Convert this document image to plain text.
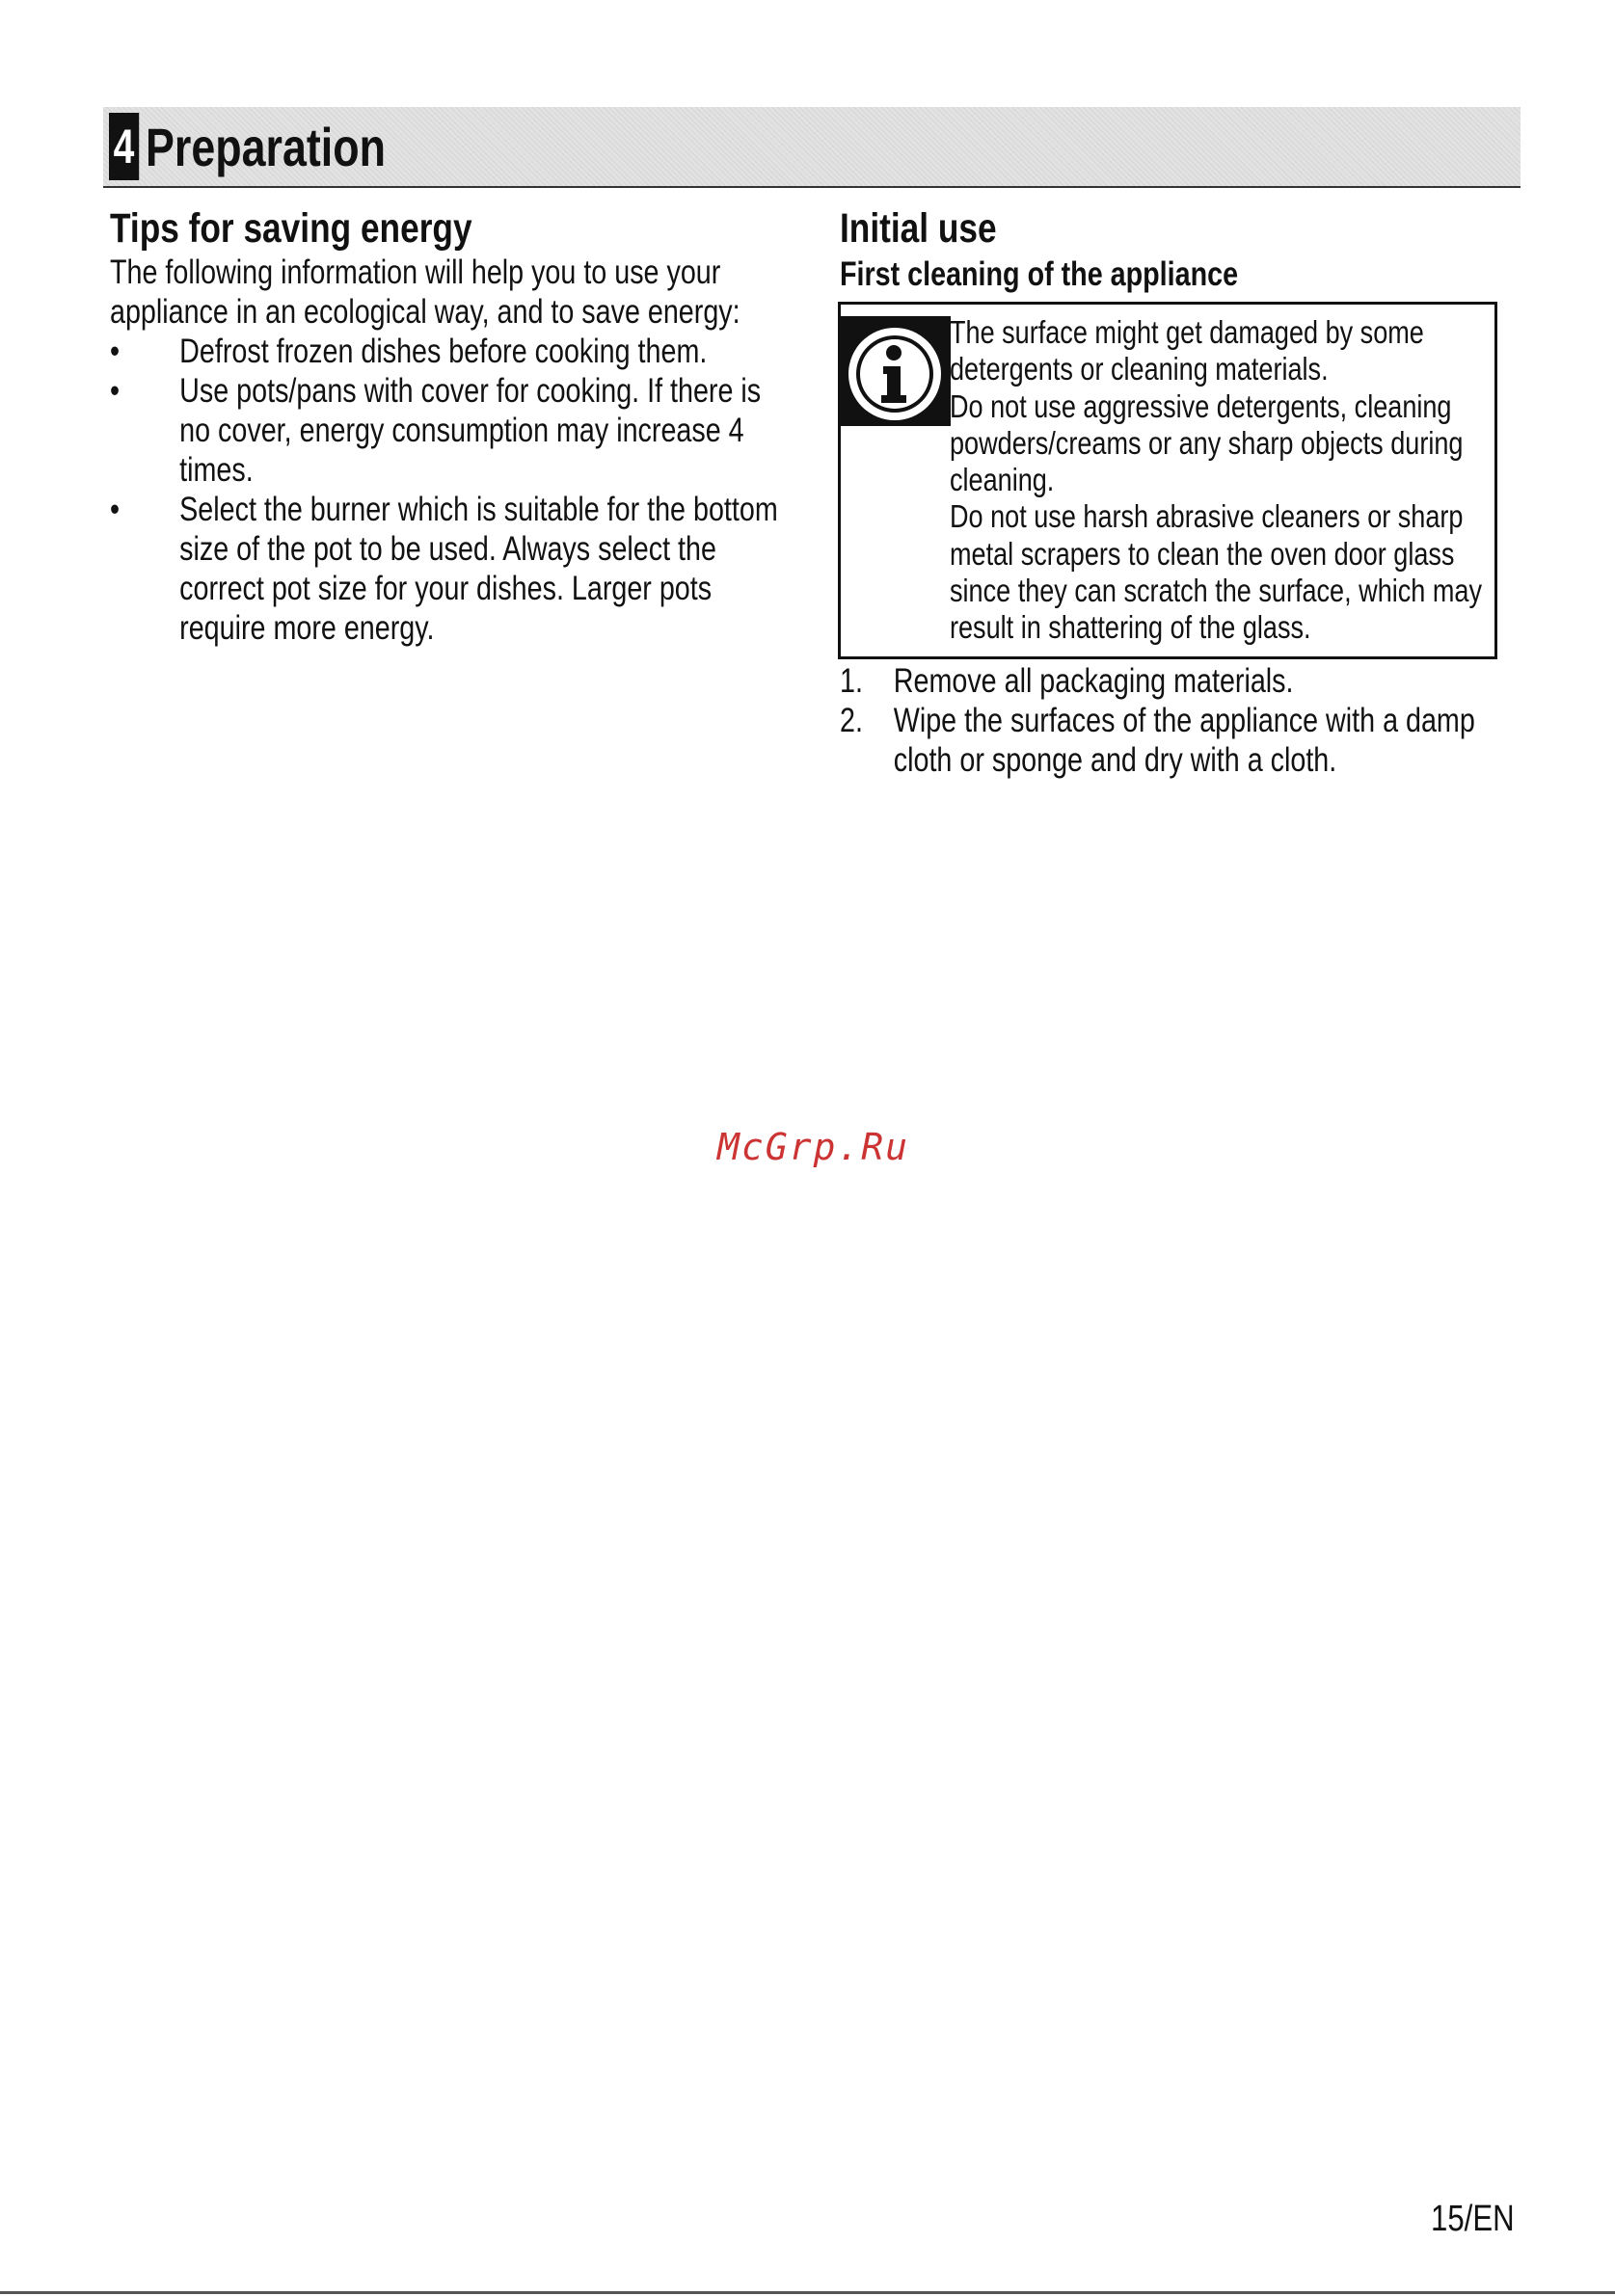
4 Preparation
Tips for saving energy

The following information will help you to use your appliance in an ecological way, and to save energy:

• Defrost frozen dishes before cooking them.
• Use pots/pans with cover for cooking. If there is no cover, energy consumption may increase 4 times.
• Select the burner which is suitable for the bottom size of the pot to be used. Always select the correct pot size for your dishes. Larger pots require more energy.
Initial use
First cleaning of the appliance

The surface might get damaged by some detergents or cleaning materials.

Do not use aggressive detergents, cleaning powders/creams or any sharp objects during cleaning.

Do not use harsh abrasive cleaners or sharp metal scrapers to clean the oven door glass since they can scratch the surface, which may result in shattering of the glass.

1. Remove all packaging materials.
2. Wipe the surfaces of the appliance with a damp cloth or sponge and dry with a cloth.
McGrp.Ru
15/EN
